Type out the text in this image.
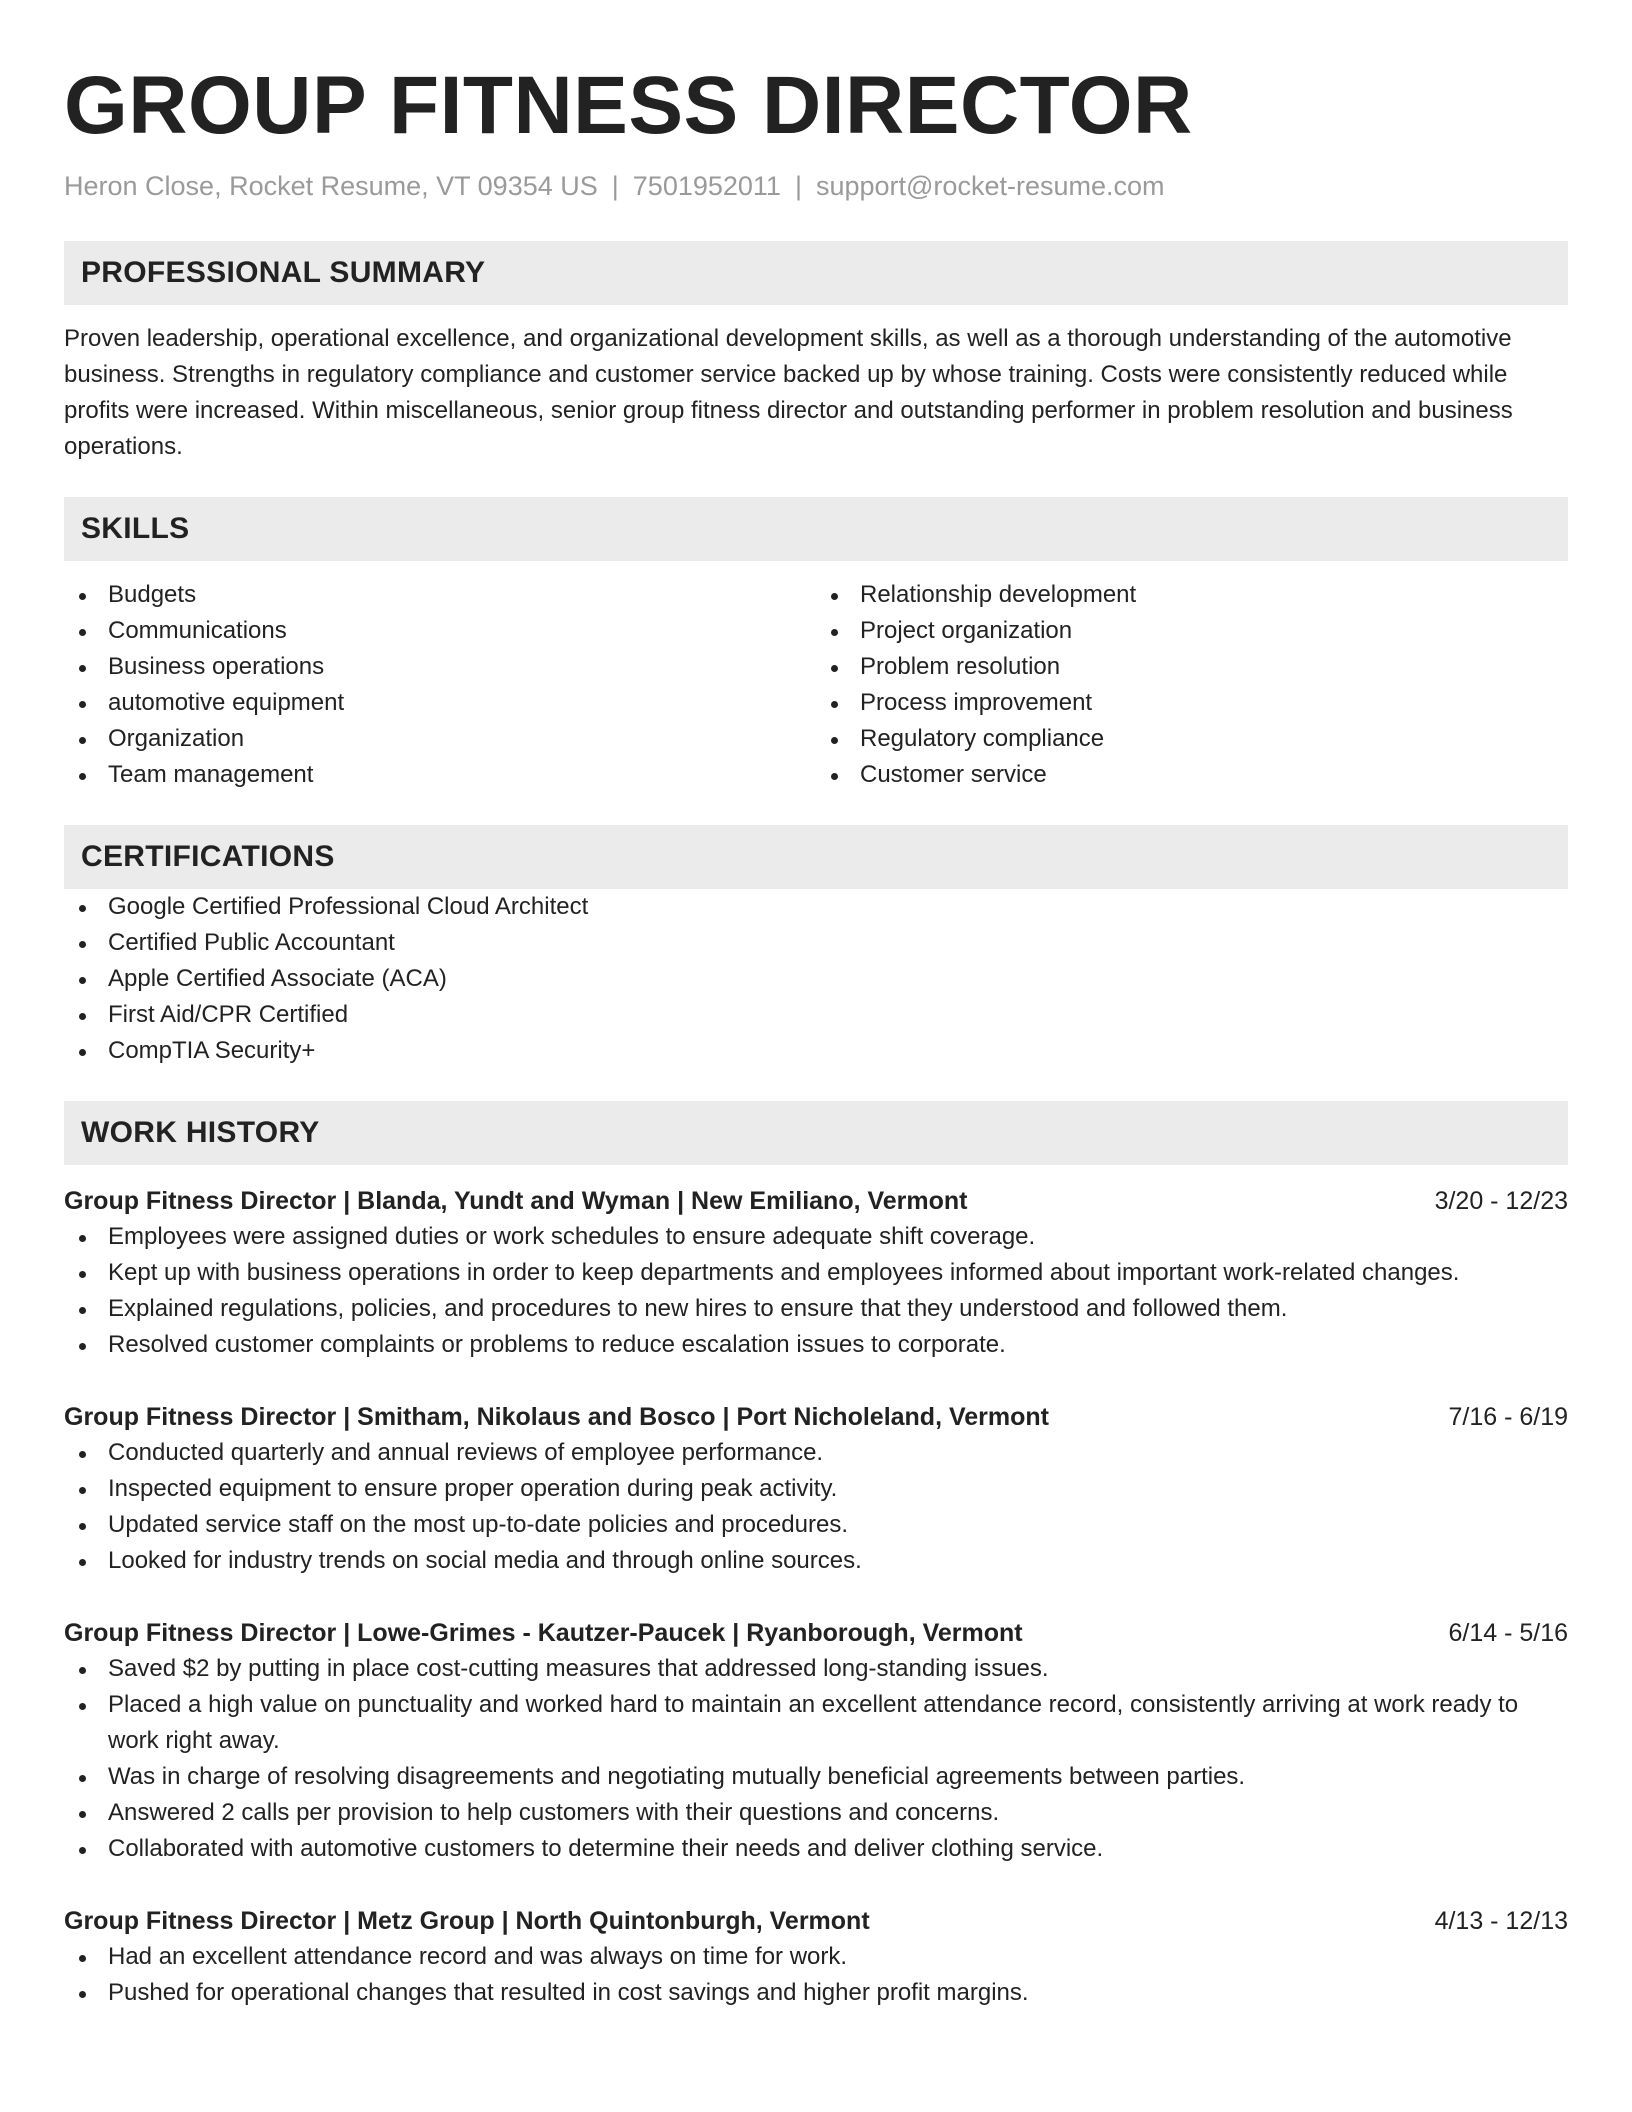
GROUP FITNESS DIRECTOR
Heron Close, Rocket Resume, VT 09354 US | 7501952011 | support@rocket-resume.com
PROFESSIONAL SUMMARY

Proven leadership, operational excellence, and organizational development skills, as well as a thorough understanding of the automotive business. Strengths in regulatory compliance and customer service backed up by whose training. Costs were consistently reduced while profits were increased. Within miscellaneous, senior group fitness director and outstanding performer in problem resolution and business operations.

SKILLS
Budgets
Communications
Business operations
automotive equipment
Organization
Team management
Relationship development
Project organization
Problem resolution
Process improvement
Regulatory compliance
Customer service
CERTIFICATIONS
Google Certified Professional Cloud Architect
Certified Public Accountant
Apple Certified Associate (ACA)
First Aid/CPR Certified
CompTIA Security+
WORK HISTORY
Group Fitness Director | Blanda, Yundt and Wyman | New Emiliano, Vermont	3/20 - 12/23
Employees were assigned duties or work schedules to ensure adequate shift coverage.
Kept up with business operations in order to keep departments and employees informed about important work-related changes.
Explained regulations, policies, and procedures to new hires to ensure that they understood and followed them.
Resolved customer complaints or problems to reduce escalation issues to corporate.
Group Fitness Director | Smitham, Nikolaus and Bosco | Port Nicholeland, Vermont	7/16 - 6/19
Conducted quarterly and annual reviews of employee performance.
Inspected equipment to ensure proper operation during peak activity.
Updated service staff on the most up-to-date policies and procedures.
Looked for industry trends on social media and through online sources.
Group Fitness Director | Lowe-Grimes - Kautzer-Paucek | Ryanborough, Vermont	6/14 - 5/16
Saved $2 by putting in place cost-cutting measures that addressed long-standing issues.
Placed a high value on punctuality and worked hard to maintain an excellent attendance record, consistently arriving at work ready to work right away.
Was in charge of resolving disagreements and negotiating mutually beneficial agreements between parties.
Answered 2 calls per provision to help customers with their questions and concerns.
Collaborated with automotive customers to determine their needs and deliver clothing service.
Group Fitness Director | Metz Group | North Quintonburgh, Vermont	4/13 - 12/13
Had an excellent attendance record and was always on time for work.
Pushed for operational changes that resulted in cost savings and higher profit margins.
